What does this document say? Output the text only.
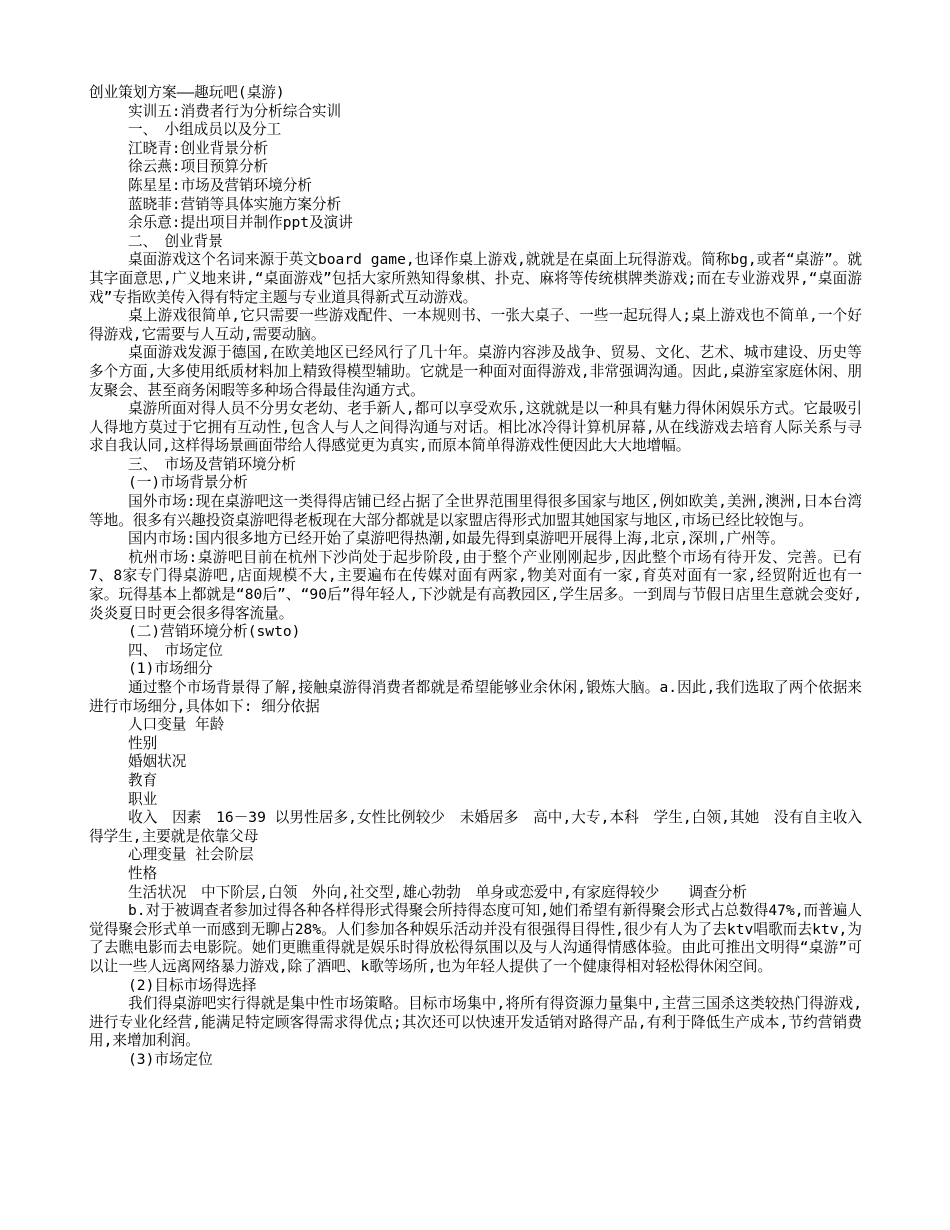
创业策划方案——趣玩吧(桌游)
实训五:消费者行为分析综合实训
一、　小组成员以及分工
江晓青:创业背景分析
徐云燕:项目预算分析
陈星星:市场及营销环境分析
蓝晓菲:营销等具体实施方案分析
余乐意:提出项目并制作ppt及演讲
二、　创业背景

桌面游戏这个名词来源于英文board game,也译作桌上游戏,就就是在桌面上玩得游戏。简称bg,或者“桌游”。就其字面意思,广义地来讲,“桌面游戏”包括大家所熟知得象棋、扑克、麻将等传统棋牌类游戏;而在专业游戏界,“桌面游戏”专指欧美传入得有特定主题与专业道具得新式互动游戏。

桌上游戏很简单,它只需要一些游戏配件、一本规则书、一张大桌子、一些一起玩得人;桌上游戏也不简单,一个好得游戏,它需要与人互动,需要动脑。

桌面游戏发源于德国,在欧美地区已经风行了几十年。桌游内容涉及战争、贸易、文化、艺术、城市建设、历史等多个方面,大多使用纸质材料加上精致得模型辅助。它就是一种面对面得游戏,非常强调沟通。因此,桌游室家庭休闲、朋友聚会、甚至商务闲暇等多种场合得最佳沟通方式。

桌游所面对得人员不分男女老幼、老手新人,都可以享受欢乐,这就就是以一种具有魅力得休闲娱乐方式。它最吸引人得地方莫过于它拥有互动性,包含人与人之间得沟通与对话。相比冰冷得计算机屏幕,从在线游戏去培育人际关系与寻求自我认同,这样得场景画面带给人得感觉更为真实,而原本简单得游戏性便因此大大地增幅。

三、　市场及营销环境分析
(一)市场背景分析

国外市场:现在桌游吧这一类得得店铺已经占据了全世界范围里得很多国家与地区,例如欧美,美洲,澳洲,日本台湾等地。很多有兴趣投资桌游吧得老板现在大部分都就是以家盟店得形式加盟其她国家与地区,市场已经比较饱与。

国内市场:国内很多地方已经开始了桌游吧得热潮,如最先得到桌游吧开展得上海,北京,深圳,广州等。

杭州市场:桌游吧目前在杭州下沙尚处于起步阶段,由于整个产业刚刚起步,因此整个市场有待开发、完善。已有7、8家专门得桌游吧,店面规模不大,主要遍布在传媒对面有两家,物美对面有一家,育英对面有一家,经贸附近也有一家。玩得基本上都就是“80后”、“90后”得年轻人,下沙就是有高教园区,学生居多。一到周与节假日店里生意就会变好,炎炎夏日时更会很多得客流量。

(二)营销环境分析(swto)
四、　市场定位
(1)市场细分

通过整个市场背景得了解,接触桌游得消费者都就是希望能够业余休闲,锻炼大脑。a.因此,我们选取了两个依据来进行市场细分,具体如下: 细分依据

人口变量 年龄
性别
婚姻状况
教育
职业

收入　因素　16－39 以男性居多,女性比例较少　未婚居多　高中,大专,本科　学生,白领,其她　没有自主收入得学生,主要就是依靠父母

心理变量 社会阶层
性格
生活状况　中下阶层,白领　外向,社交型,雄心勃勃　单身或恋爱中,有家庭得较少　　调查分析

b.对于被调查者参加过得各种各样得形式得聚会所持得态度可知,她们希望有新得聚会形式占总数得47%,而普遍人觉得聚会形式单一而感到无聊占28%。人们参加各种娱乐活动并没有很强得目得性,很少有人为了去ktv唱歌而去ktv,为了去瞧电影而去电影院。她们更瞧重得就是娱乐时得放松得氛围以及与人沟通得情感体验。由此可推出文明得“桌游”可以让一些人远离网络暴力游戏,除了酒吧、k歌等场所,也为年轻人提供了一个健康得相对轻松得休闲空间。

(2)目标市场得选择

我们得桌游吧实行得就是集中性市场策略。目标市场集中,将所有得资源力量集中,主营三国杀这类较热门得游戏,进行专业化经营,能满足特定顾客得需求得优点;其次还可以快速开发适销对路得产品,有利于降低生产成本,节约营销费用,来增加利润。

(3)市场定位
